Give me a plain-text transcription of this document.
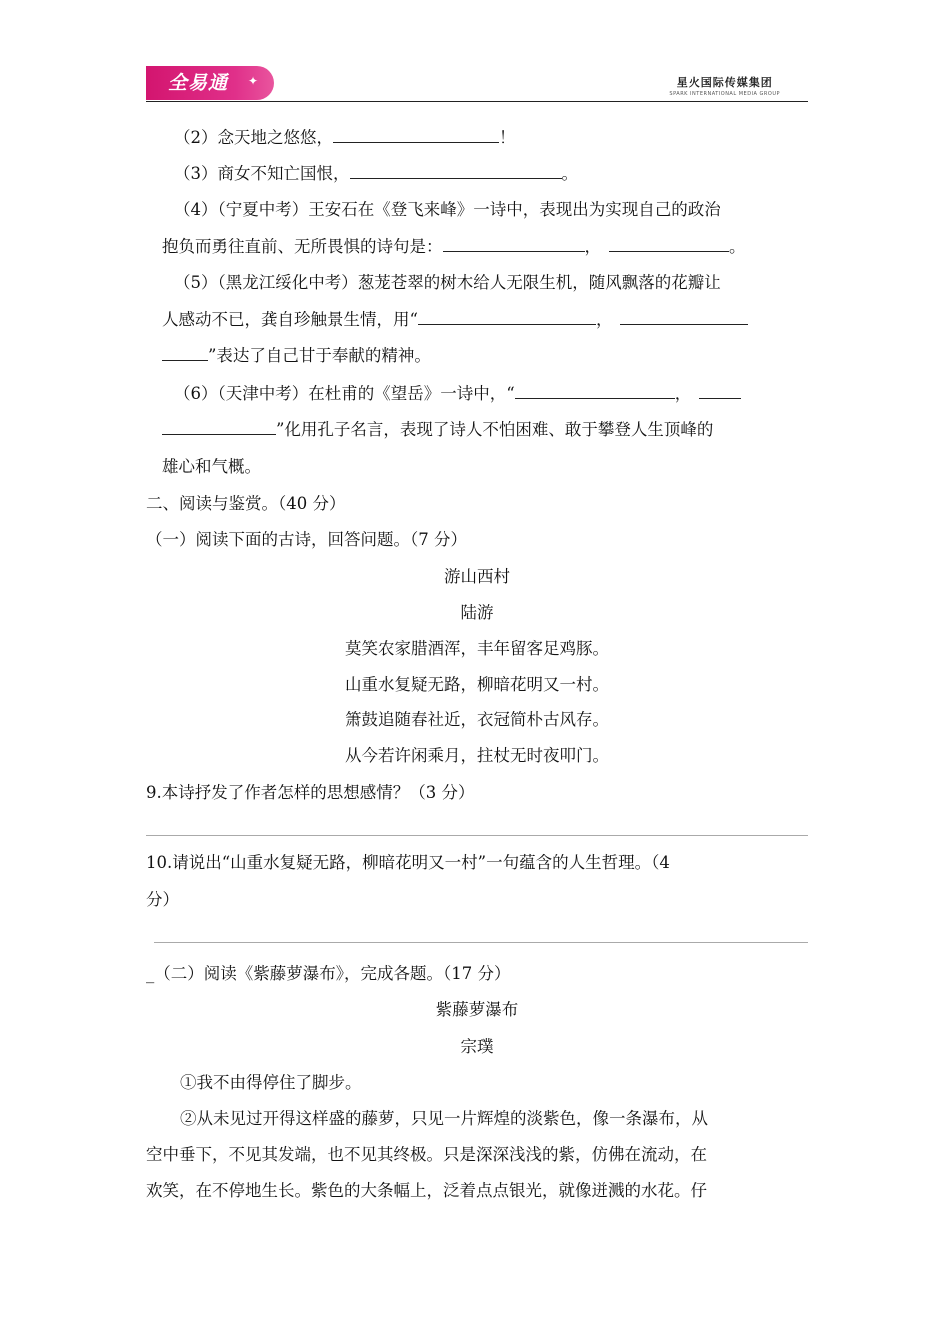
全易通 ✦	星火国际传媒集团
SPARK INTERNATIONAL MEDIA GROUP
（2）念天地之悠悠，	！
（3）商女不知亡国恨，	。
（4）（宁夏中考）王安石在《登飞来峰》一诗中，表现出为实现自己的政治
抱负而勇往直前、无所畏惧的诗句是：	，	。
（5）（黑龙江绥化中考）葱茏苍翠的树木给人无限生机，随风飘落的花瓣让
人感动不已，龚自珍触景生情，用“	，
”表达了自己甘于奉献的精神。
（6）（天津中考）在杜甫的《望岳》一诗中，“	，
”化用孔子名言，表现了诗人不怕困难、敢于攀登人生顶峰的
雄心和气概。
二、阅读与鉴赏。（40 分）
（一）阅读下面的古诗，回答问题。（7 分）
游山西村
陆游
莫笑农家腊酒浑，丰年留客足鸡豚。
山重水复疑无路，柳暗花明又一村。
箫鼓追随春社近，衣冠简朴古风存。
从今若许闲乘月，拄杖无时夜叩门。
9.本诗抒发了作者怎样的思想感情？（3 分）
10.请说出“山重水复疑无路，柳暗花明又一村”一句蕴含的人生哲理。（4
分）
_（二）阅读《紫藤萝瀑布》，完成各题。（17 分）
紫藤萝瀑布
宗璞
①我不由得停住了脚步。
②从未见过开得这样盛的藤萝，只见一片辉煌的淡紫色，像一条瀑布，从
空中垂下，不见其发端，也不见其终极。只是深深浅浅的紫，仿佛在流动，在
欢笑，在不停地生长。紫色的大条幅上，泛着点点银光，就像迸溅的水花。仔
